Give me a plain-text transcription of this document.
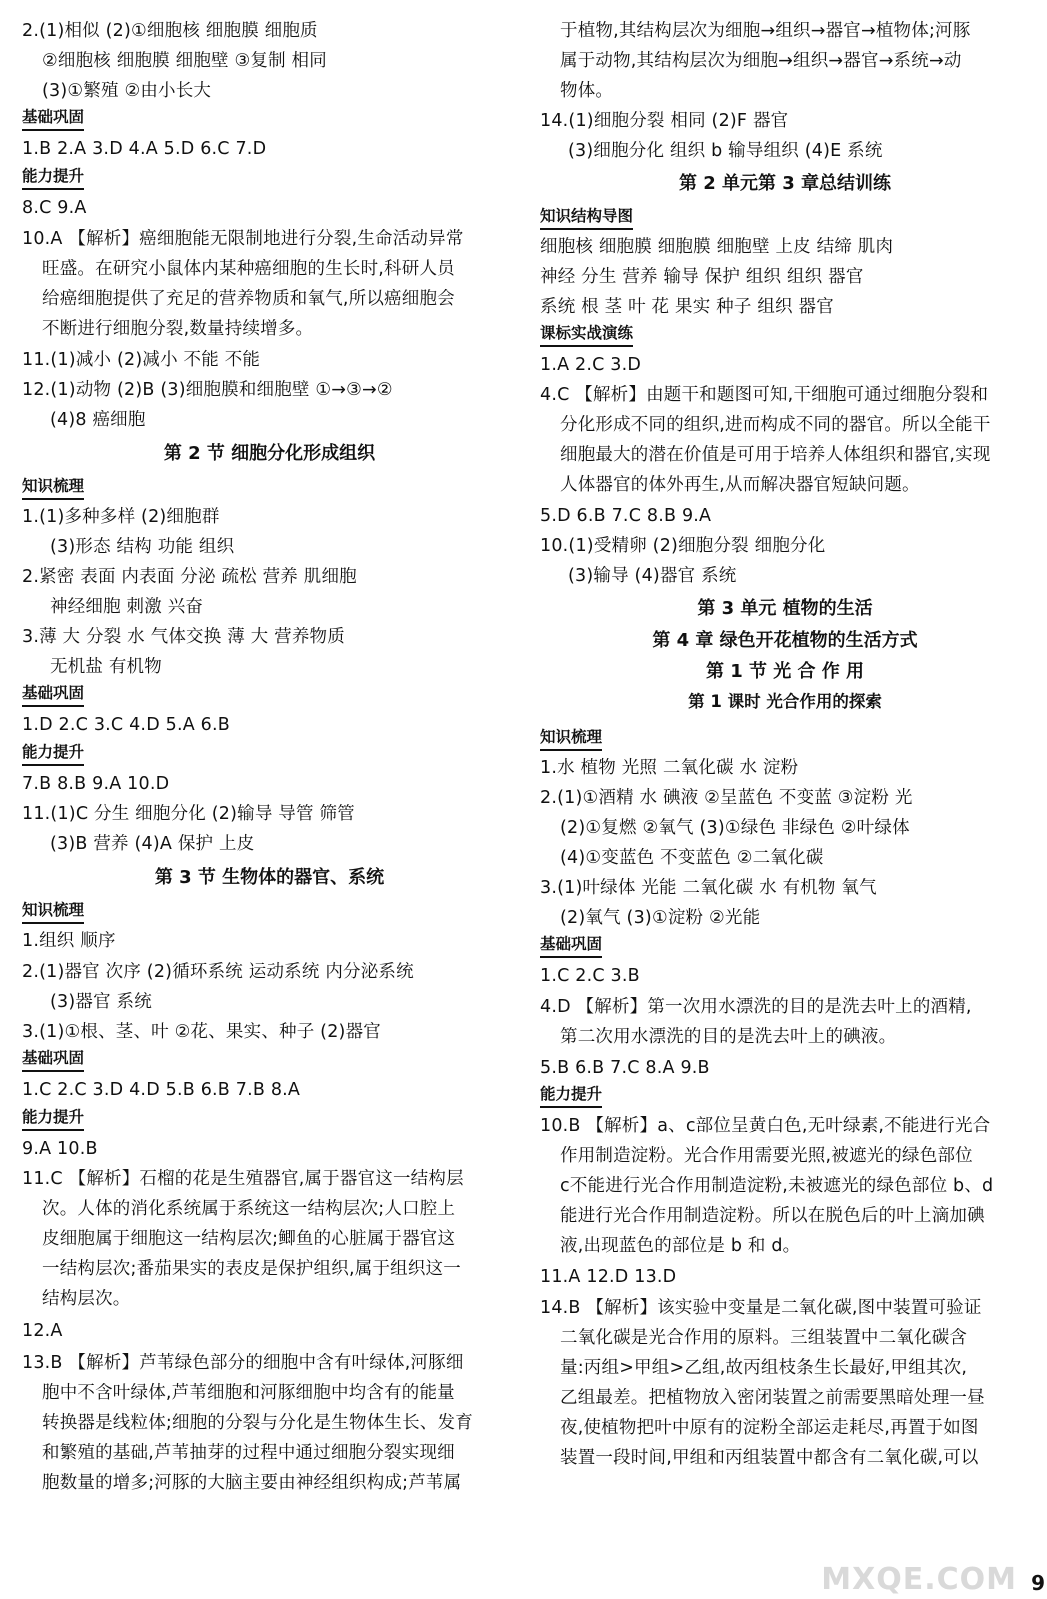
2.(1)相似 (2)①细胞核 细胞膜 细胞质
②细胞核 细胞膜 细胞壁 ③复制 相同
(3)①繁殖 ②由小长大
基础巩固
1.B 2.A 3.D 4.A 5.D 6.C 7.D
能力提升
8.C 9.A
10.A 【解析】癌细胞能无限制地进行分裂,生命活动异常
旺盛。在研究小鼠体内某种癌细胞的生长时,科研人员
给癌细胞提供了充足的营养物质和氧气,所以癌细胞会
不断进行细胞分裂,数量持续增多。
11.(1)减小 (2)减小 不能 不能
12.(1)动物 (2)B (3)细胞膜和细胞壁 ①→③→②
(4)8 癌细胞
第 2 节 细胞分化形成组织
知识梳理
1.(1)多种多样 (2)细胞群
(3)形态 结构 功能 组织
2.紧密 表面 内表面 分泌 疏松 营养 肌细胞
神经细胞 刺激 兴奋
3.薄 大 分裂 水 气体交换 薄 大 营养物质
无机盐 有机物
基础巩固
1.D 2.C 3.C 4.D 5.A 6.B
能力提升
7.B 8.B 9.A 10.D
11.(1)C 分生 细胞分化 (2)输导 导管 筛管
(3)B 营养 (4)A 保护 上皮
第 3 节 生物体的器官、系统
知识梳理
1.组织 顺序
2.(1)器官 次序 (2)循环系统 运动系统 内分泌系统
(3)器官 系统
3.(1)①根、茎、叶 ②花、果实、种子 (2)器官
基础巩固
1.C 2.C 3.D 4.D 5.B 6.B 7.B 8.A
能力提升
9.A 10.B
11.C 【解析】石榴的花是生殖器官,属于器官这一结构层
次。人体的消化系统属于系统这一结构层次;人口腔上
皮细胞属于细胞这一结构层次;鲫鱼的心脏属于器官这
一结构层次;番茄果实的表皮是保护组织,属于组织这一
结构层次。
12.A
13.B 【解析】芦苇绿色部分的细胞中含有叶绿体,河豚细
胞中不含叶绿体,芦苇细胞和河豚细胞中均含有的能量
转换器是线粒体;细胞的分裂与分化是生物体生长、发育
和繁殖的基础,芦苇抽芽的过程中通过细胞分裂实现细
胞数量的增多;河豚的大脑主要由神经组织构成;芦苇属
于植物,其结构层次为细胞→组织→器官→植物体;河豚
属于动物,其结构层次为细胞→组织→器官→系统→动
物体。
14.(1)细胞分裂 相同 (2)F 器官
(3)细胞分化 组织 b 输导组织 (4)E 系统
第 2 单元第 3 章总结训练
知识结构导图
细胞核 细胞膜 细胞膜 细胞壁 上皮 结缔 肌肉
神经 分生 营养 输导 保护 组织 组织 器官
系统 根 茎 叶 花 果实 种子 组织 器官
课标实战演练
1.A 2.C 3.D
4.C 【解析】由题干和题图可知,干细胞可通过细胞分裂和
分化形成不同的组织,进而构成不同的器官。所以全能干
细胞最大的潜在价值是可用于培养人体组织和器官,实现
人体器官的体外再生,从而解决器官短缺问题。
5.D 6.B 7.C 8.B 9.A
10.(1)受精卵 (2)细胞分裂 细胞分化
(3)输导 (4)器官 系统
第 3 单元 植物的生活
第 4 章 绿色开花植物的生活方式
第 1 节 光 合 作 用
第 1 课时 光合作用的探索
知识梳理
1.水 植物 光照 二氧化碳 水 淀粉
2.(1)①酒精 水 碘液 ②呈蓝色 不变蓝 ③淀粉 光
(2)①复燃 ②氧气 (3)①绿色 非绿色 ②叶绿体
(4)①变蓝色 不变蓝色 ②二氧化碳
3.(1)叶绿体 光能 二氧化碳 水 有机物 氧气
(2)氧气 (3)①淀粉 ②光能
基础巩固
1.C 2.C 3.B
4.D 【解析】第一次用水漂洗的目的是洗去叶上的酒精,
第二次用水漂洗的目的是洗去叶上的碘液。
5.B 6.B 7.C 8.A 9.B
能力提升
10.B 【解析】a、c部位呈黄白色,无叶绿素,不能进行光合
作用制造淀粉。光合作用需要光照,被遮光的绿色部位
c不能进行光合作用制造淀粉,未被遮光的绿色部位 b、d
能进行光合作用制造淀粉。所以在脱色后的叶上滴加碘
液,出现蓝色的部位是 b 和 d。
11.A 12.D 13.D
14.B 【解析】该实验中变量是二氧化碳,图中装置可验证
二氧化碳是光合作用的原料。三组装置中二氧化碳含
量:丙组>甲组>乙组,故丙组枝条生长最好,甲组其次,
乙组最差。把植物放入密闭装置之前需要黑暗处理一昼
夜,使植物把叶中原有的淀粉全部运走耗尽,再置于如图
装置一段时间,甲组和丙组装置中都含有二氧化碳,可以
MXQE.COM 9
